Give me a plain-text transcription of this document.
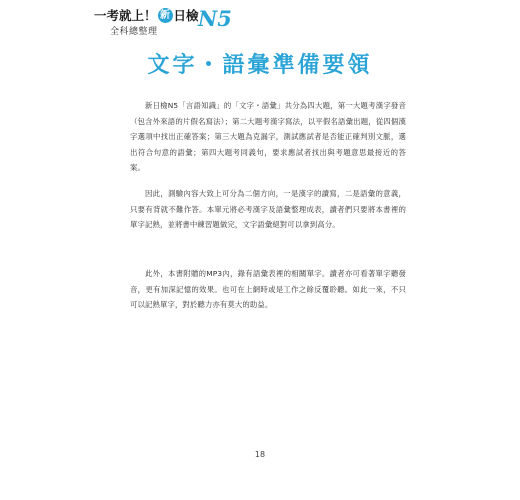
一考就上！ 新 日檢 N5
全科總整理
文字・語彙準備要領

新日檢N5「言語知識」的「文字・語彙」共分為四大題，第一大題考漢字發音（包含外來語的片假名寫法）；第二大題考漢字寫法，以平假名語彙出題，從四個漢字選項中找出正確答案；第三大題為克漏字，測試應試者是否能正確判別文脈，選出符合句意的語彙；第四大題考同義句，要求應試者找出與考題意思最接近的答案。

因此，測驗內容大致上可分為二個方向，一是漢字的讀寫，二是語彙的意義，只要有背就不難作答。本單元將必考漢字及語彙整理成表，讀者們只要將本書裡的單字記熟，並將書中練習題做完，文字語彙絕對可以拿到高分。

此外，本書附贈的MP3內，錄有語彙表裡的相關單字。讀者亦可看著單字聽發音，更有加深記憶的效果。也可在上網時或是工作之餘反覆聆聽。如此一來，不只可以記熟單字，對於聽力亦有莫大的助益。

18
